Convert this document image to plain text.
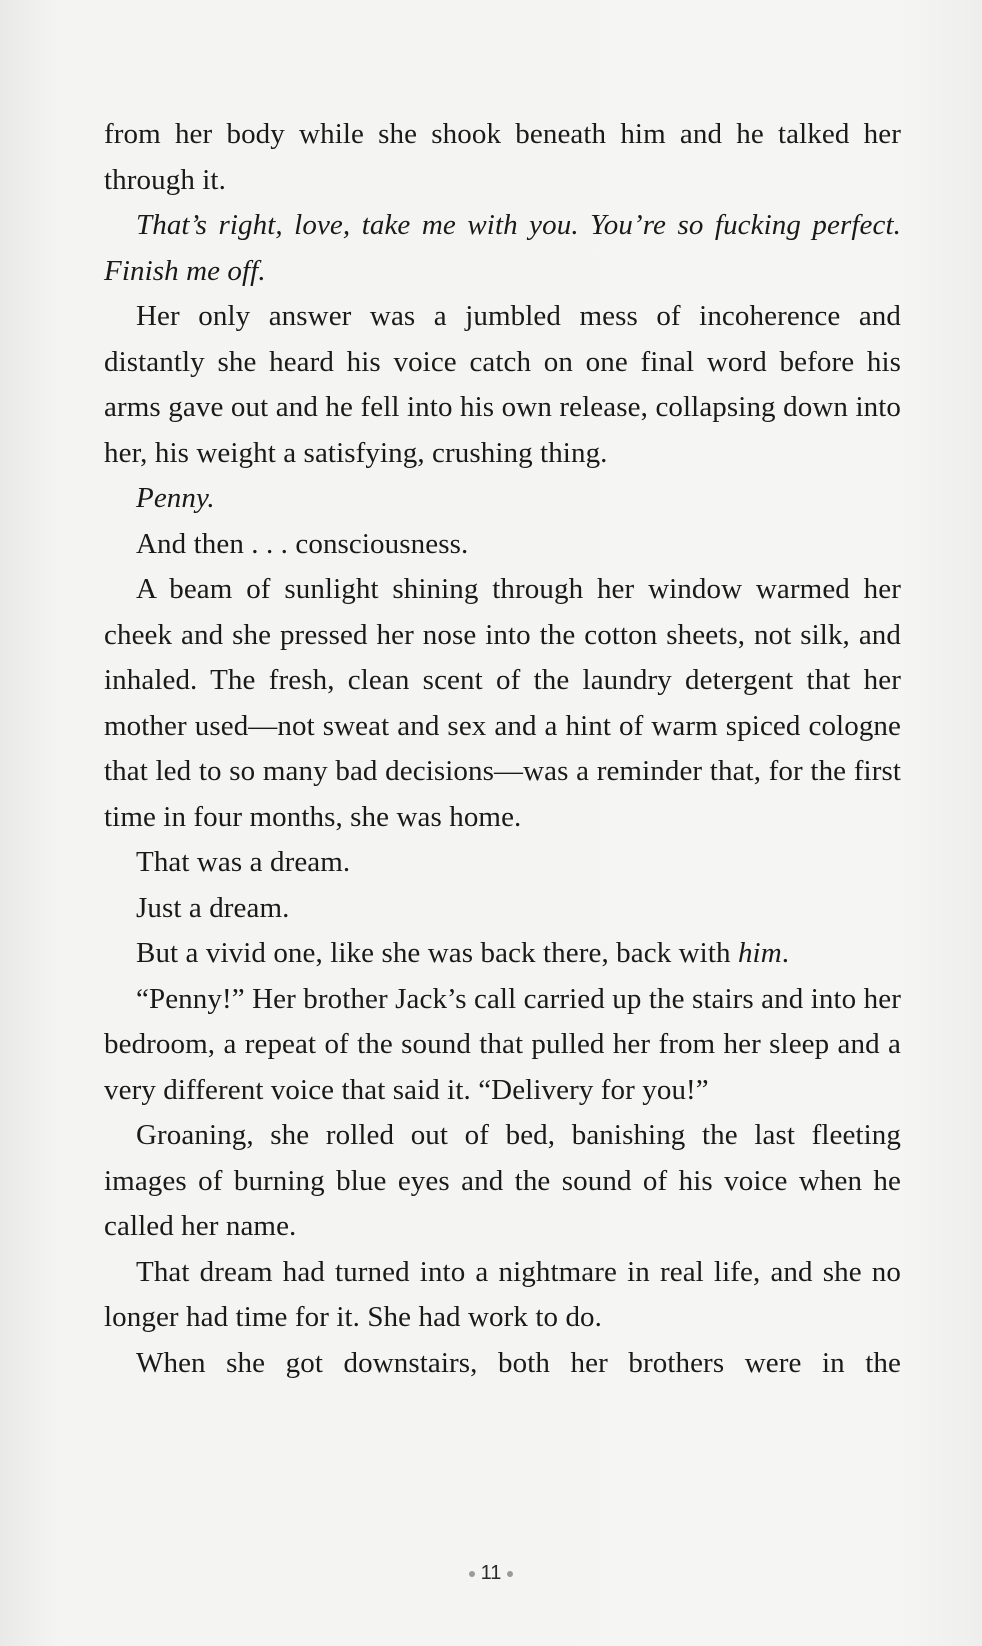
from her body while she shook beneath him and he talked her through it.

That’s right, love, take me with you. You’re so fucking perfect. Finish me off.

Her only answer was a jumbled mess of incoherence and distantly she heard his voice catch on one final word before his arms gave out and he fell into his own release, collapsing down into her, his weight a satisfying, crushing thing.

Penny.

And then . . . consciousness.

A beam of sunlight shining through her window warmed her cheek and she pressed her nose into the cotton sheets, not silk, and inhaled. The fresh, clean scent of the laundry detergent that her mother used—not sweat and sex and a hint of warm spiced cologne that led to so many bad decisions—was a reminder that, for the first time in four months, she was home.

That was a dream.

Just a dream.

But a vivid one, like she was back there, back with him.

“Penny!” Her brother Jack’s call carried up the stairs and into her bedroom, a repeat of the sound that pulled her from her sleep and a very different voice that said it. “Delivery for you!”

Groaning, she rolled out of bed, banishing the last fleeting images of burning blue eyes and the sound of his voice when he called her name.

That dream had turned into a nightmare in real life, and she no longer had time for it. She had work to do.

When she got downstairs, both her brothers were in the

11
